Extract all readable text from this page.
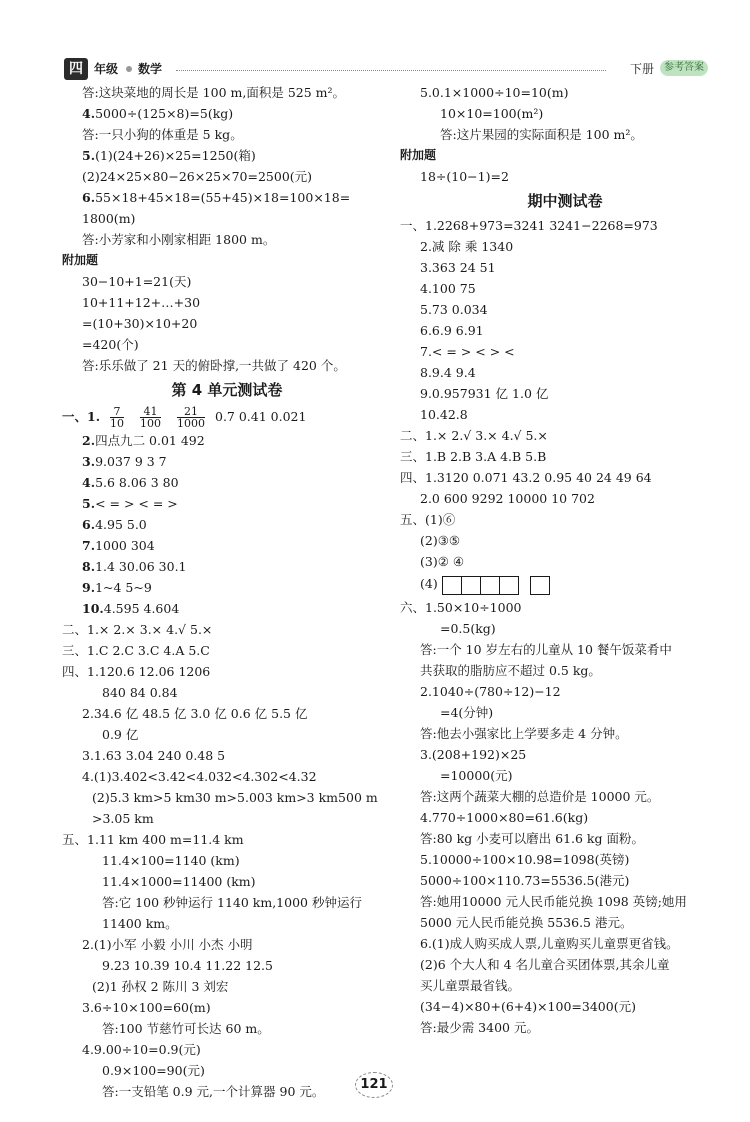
四 年级 数学	下册 参考答案
答:这块菜地的周长是 100 m,面积是 525 m²。
4.5000÷(125×8)=5(kg)
答:一只小狗的体重是 5 kg。
5.(1)(24+26)×25=1250(箱)
(2)24×25×80−26×25×70=2500(元)
6.55×18+45×18=(55+45)×18=100×18=
1800(m)
答:小芳家和小刚家相距 1800 m。
附加题
30−10+1=21(天)
10+11+12+…+30
=(10+30)×10+20
=420(个)
答:乐乐做了 21 天的俯卧撑,一共做了 420 个。
第 4 单元测试卷
一、1. $\frac{7}{10}$
$\frac{41}{100}$
$\frac{21}{1000} 0.7$ 0.41 0.021
2.四点九二 0.01 492
3.9.037 9 3 7
4.5.6 8.06 3 80
5.< = > < = >
6.4.95 5.0
7.1000 304
8.1.4 30.06 30.1
9.1~4 5~9
10.4.595 4.604
二、1.× 2.× 3.× 4.√ 5.×
三、1.C 2.C 3.C 4.A 5.C
四、1.120.6 12.06 1206
840 84 0.84
2.34.6 亿 48.5 亿 3.0 亿 0.6 亿 5.5 亿
0.9 亿
3.1.63 3.04 240 0.48 5
4.(1)3.402<3.42<4.032<4.302<4.32
(2)5.3 km>5 km30 m>5.003 km>3 km500 m
>3.05 km
五、1.11 km 400 m=11.4 km
11.4×100=1140 (km)
11.4×1000=11400 (km)
答:它 100 秒钟运行 1140 km,1000 秒钟运行
11400 km。
2.(1)小军 小毅 小川 小杰 小明
9.23 10.39 10.4 11.22 12.5
(2)1 孙权 2 陈川 3 刘宏
3.6÷10×100=60(m)
答:100 节慈竹可长达 60 m。
4.9.00÷10=0.9(元)
0.9×100=90(元)
答:一支铅笔 0.9 元,一个计算器 90 元。
5.0.1×1000÷10=10(m)
10×10=100(m²)
答:这片果园的实际面积是 100 m²。
附加题
18÷(10−1)=2
期中测试卷
一、1.2268+973=3241 3241−2268=973
2.减 除 乘 1340
3.363 24 51
4.100 75
5.73 0.034
6.6.9 6.91
7.< = > < > <
8.9.4 9.4
9.0.957931 亿 1.0 亿
10.42.8
二、1.× 2.√ 3.× 4.√ 5.×
三、1.B 2.B 3.A 4.B 5.B
四、1.3120 0.071 43.2 0.95 40 24 49 64
2.0 600 9292 10000 10 702
五、(1)⑥
(2)③⑤
(3)② ④
(4)
六、1.50×10÷1000
=0.5(kg)
答:一个 10 岁左右的儿童从 10 餐午饭菜肴中
共获取的脂肪应不超过 0.5 kg。
2.1040÷(780÷12)−12
=4(分钟)
答:他去小强家比上学要多走 4 分钟。
3.(208+192)×25
=10000(元)
答:这两个蔬菜大棚的总造价是 10000 元。
4.770÷1000×80=61.6(kg)
答:80 kg 小麦可以磨出 61.6 kg 面粉。
5.10000÷100×10.98=1098(英镑)
5000÷100×110.73=5536.5(港元)
答:她用10000 元人民币能兑换 1098 英镑;她用
5000 元人民币能兑换 5536.5 港元。
6.(1)成人购买成人票,儿童购买儿童票更省钱。
(2)6 个大人和 4 名儿童合买团体票,其余儿童
买儿童票最省钱。
(34−4)×80+(6+4)×100=3400(元)
答:最少需 3400 元。
121
